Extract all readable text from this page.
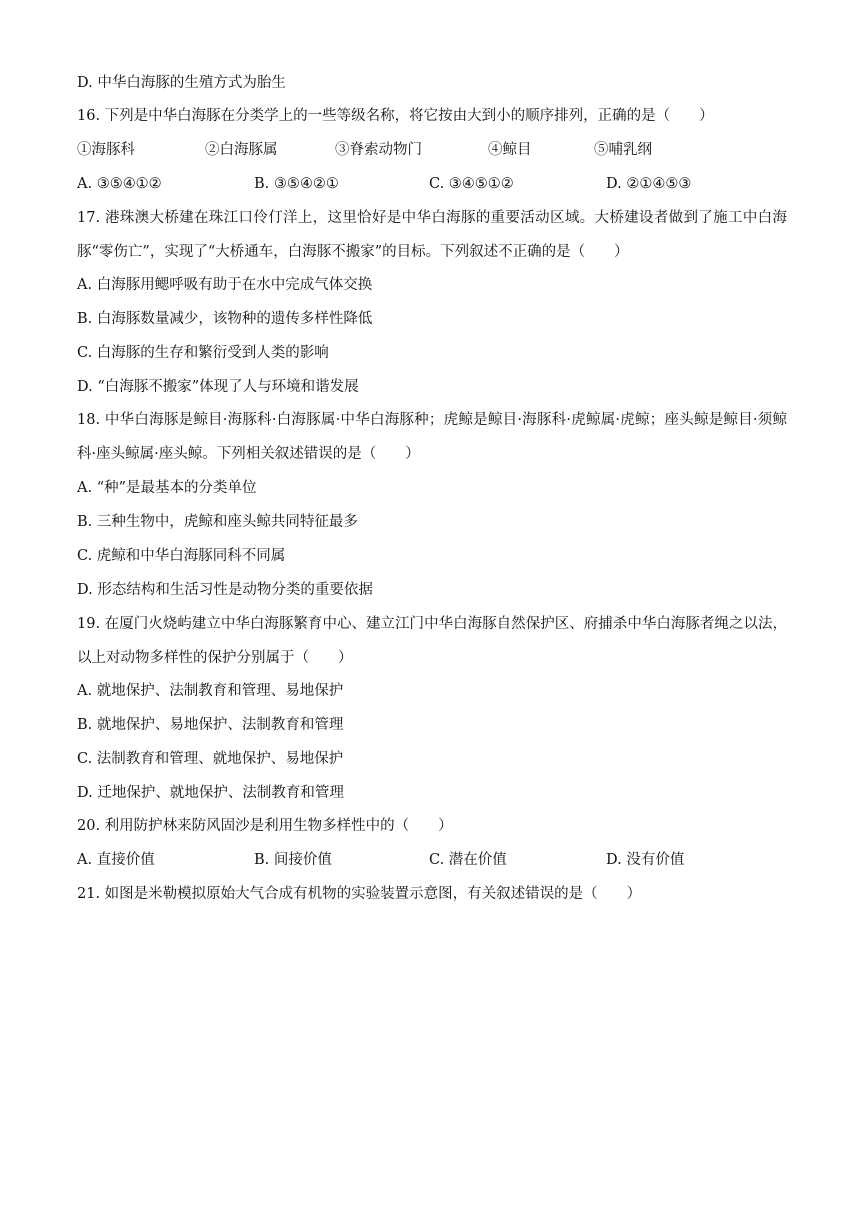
D. 中华白海豚的生殖方式为胎生
16. 下列是中华白海豚在分类学上的一些等级名称，将它按由大到小的顺序排列，正确的是（　　）
①海豚科	②白海豚属	③脊索动物门	④鲸目	⑤哺乳纲
A. ③⑤④①②	B. ③⑤④②①	C. ③④⑤①②	D. ②①④⑤③
17. 港珠澳大桥建在珠江口伶仃洋上，这里恰好是中华白海豚的重要活动区域。大桥建设者做到了施工中白海豚“零伤亡”，实现了“大桥通车，白海豚不搬家”的目标。下列叙述不正确的是（　　）
A. 白海豚用鳃呼吸有助于在水中完成气体交换
B. 白海豚数量减少，该物种的遗传多样性降低
C. 白海豚的生存和繁衍受到人类的影响
D. “白海豚不搬家”体现了人与环境和谐发展
18. 中华白海豚是鲸目·海豚科·白海豚属·中华白海豚种；虎鲸是鲸目·海豚科·虎鲸属·虎鲸；座头鲸是鲸目·须鲸科·座头鲸属·座头鲸。下列相关叙述错误的是（　　）
A. “种”是最基本的分类单位
B. 三种生物中，虎鲸和座头鲸共同特征最多
C. 虎鲸和中华白海豚同科不同属
D. 形态结构和生活习性是动物分类的重要依据
19. 在厦门火烧屿建立中华白海豚繁育中心、建立江门中华白海豚自然保护区、府捕杀中华白海豚者绳之以法，以上对动物多样性的保护分别属于（　　）
A. 就地保护、法制教育和管理、易地保护
B. 就地保护、易地保护、法制教育和管理
C. 法制教育和管理、就地保护、易地保护
D. 迁地保护、就地保护、法制教育和管理
20. 利用防护林来防风固沙是利用生物多样性中的（　　）
A. 直接价值	B. 间接价值	C. 潜在价值	D. 没有价值
21. 如图是米勒模拟原始大气合成有机物的实验装置示意图，有关叙述错误的是（　　）
